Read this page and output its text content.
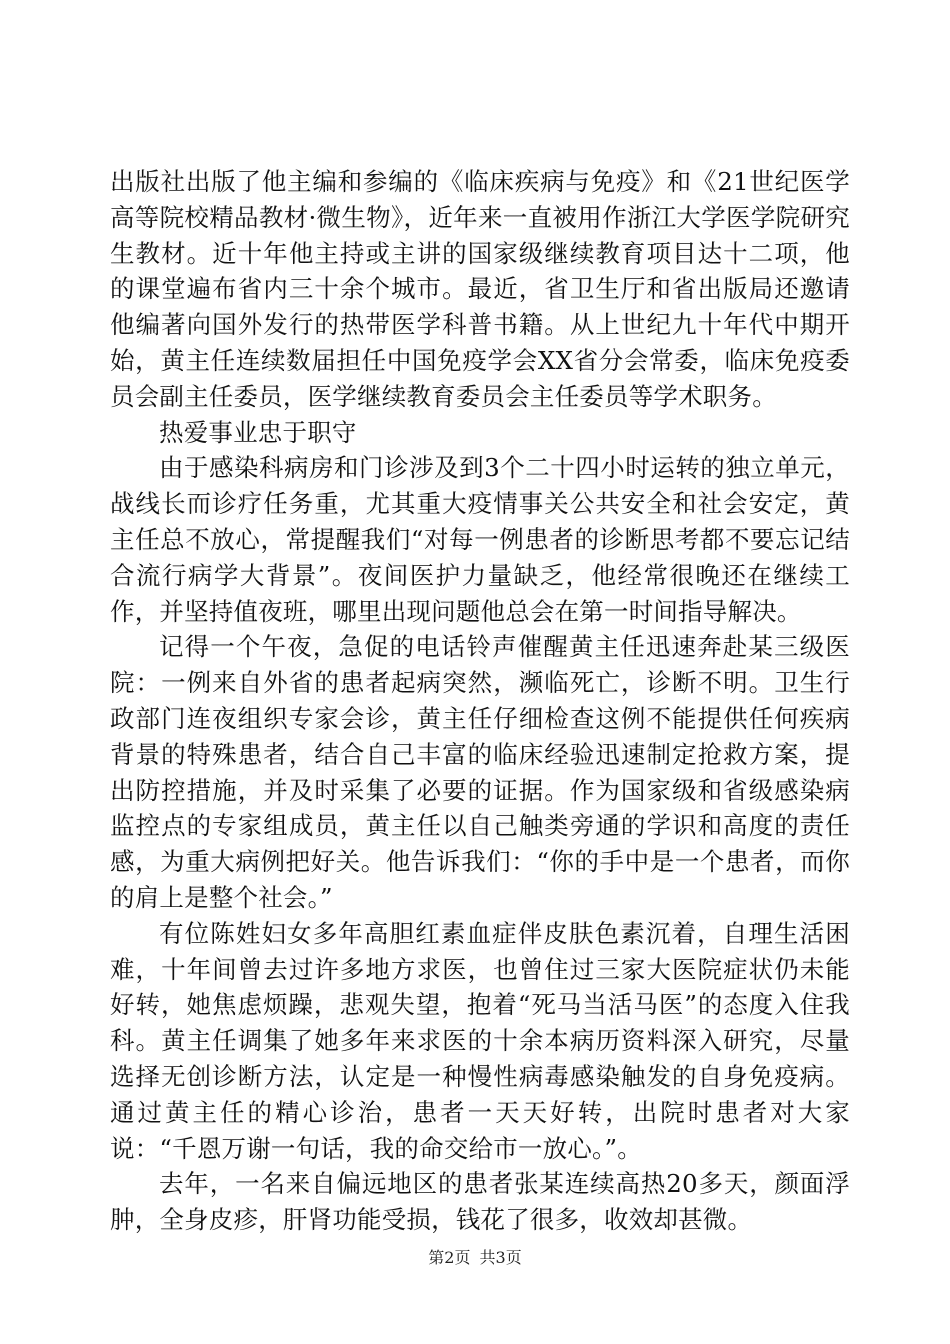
出版社出版了他主编和参编的《临床疾病与免疫》和《21世纪医学高等院校精品教材·微生物》，近年来一直被用作浙江大学医学院研究生教材。近十年他主持或主讲的国家级继续教育项目达十二项，他的课堂遍布省内三十余个城市。最近，省卫生厅和省出版局还邀请他编著向国外发行的热带医学科普书籍。从上世纪九十年代中期开始，黄主任连续数届担任中国免疫学会XX省分会常委，临床免疫委员会副主任委员，医学继续教育委员会主任委员等学术职务。

热爱事业忠于职守

由于感染科病房和门诊涉及到3个二十四小时运转的独立单元，战线长而诊疗任务重，尤其重大疫情事关公共安全和社会安定，黄主任总不放心，常提醒我们“对每一例患者的诊断思考都不要忘记结合流行病学大背景”。夜间医护力量缺乏，他经常很晚还在继续工作，并坚持值夜班，哪里出现问题他总会在第一时间指导解决。

记得一个午夜，急促的电话铃声催醒黄主任迅速奔赴某三级医院：一例来自外省的患者起病突然，濒临死亡，诊断不明。卫生行政部门连夜组织专家会诊，黄主任仔细检查这例不能提供任何疾病背景的特殊患者，结合自己丰富的临床经验迅速制定抢救方案，提出防控措施，并及时采集了必要的证据。作为国家级和省级感染病监控点的专家组成员，黄主任以自己触类旁通的学识和高度的责任感，为重大病例把好关。他告诉我们：“你的手中是一个患者，而你的肩上是整个社会。”

有位陈姓妇女多年高胆红素血症伴皮肤色素沉着，自理生活困难，十年间曾去过许多地方求医，也曾住过三家大医院症状仍未能好转，她焦虑烦躁，悲观失望，抱着“死马当活马医”的态度入住我科。黄主任调集了她多年来求医的十余本病历资料深入研究，尽量选择无创诊断方法，认定是一种慢性病毒感染触发的自身免疫病。通过黄主任的精心诊治，患者一天天好转，出院时患者对大家说：“千恩万谢一句话，我的命交给市一放心。”。

去年，一名来自偏远地区的患者张某连续高热20多天，颜面浮肿，全身皮疹，肝肾功能受损，钱花了很多，收效却甚微。

第2页 共3页
